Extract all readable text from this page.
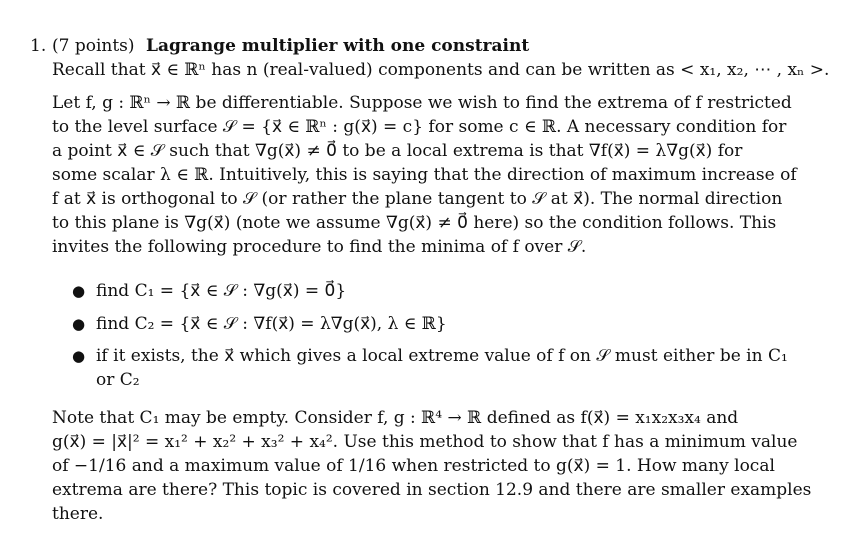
1. (7 points) Lagrange multiplier with one constraint
Recall that x⃗ ∈ ℝⁿ has n (real-valued) components and can be written as < x₁, x₂, ⋯ , xₙ >.
Let f, g : ℝⁿ → ℝ be differentiable. Suppose we wish to find the extrema of f restricted
to the level surface 𝒮 = {x⃗ ∈ ℝⁿ : g(x⃗) = c} for some c ∈ ℝ. A necessary condition for
a point x⃗ ∈ 𝒮 such that ∇g(x⃗) ≠ 0⃗ to be a local extrema is that ∇f(x⃗) = λ∇g(x⃗) for
some scalar λ ∈ ℝ. Intuitively, this is saying that the direction of maximum increase of
f at x⃗ is orthogonal to 𝒮 (or rather the plane tangent to 𝒮 at x⃗). The normal direction
to this plane is ∇g(x⃗) (note we assume ∇g(x⃗) ≠ 0⃗ here) so the condition follows. This
invites the following procedure to find the minima of f over 𝒮.
● find C₁ = {x⃗ ∈ 𝒮 : ∇g(x⃗) = 0⃗}
● find C₂ = {x⃗ ∈ 𝒮 : ∇f(x⃗) = λ∇g(x⃗), λ ∈ ℝ}
● if it exists, the x⃗ which gives a local extreme value of f on 𝒮 must either be in C₁
or C₂
Note that C₁ may be empty. Consider f, g : ℝ⁴ → ℝ defined as f(x⃗) = x₁x₂x₃x₄ and
g(x⃗) = |x⃗|² = x₁² + x₂² + x₃² + x₄². Use this method to show that f has a minimum value
of −1/16 and a maximum value of 1/16 when restricted to g(x⃗) = 1. How many local
extrema are there? This topic is covered in section 12.9 and there are smaller examples
there.
